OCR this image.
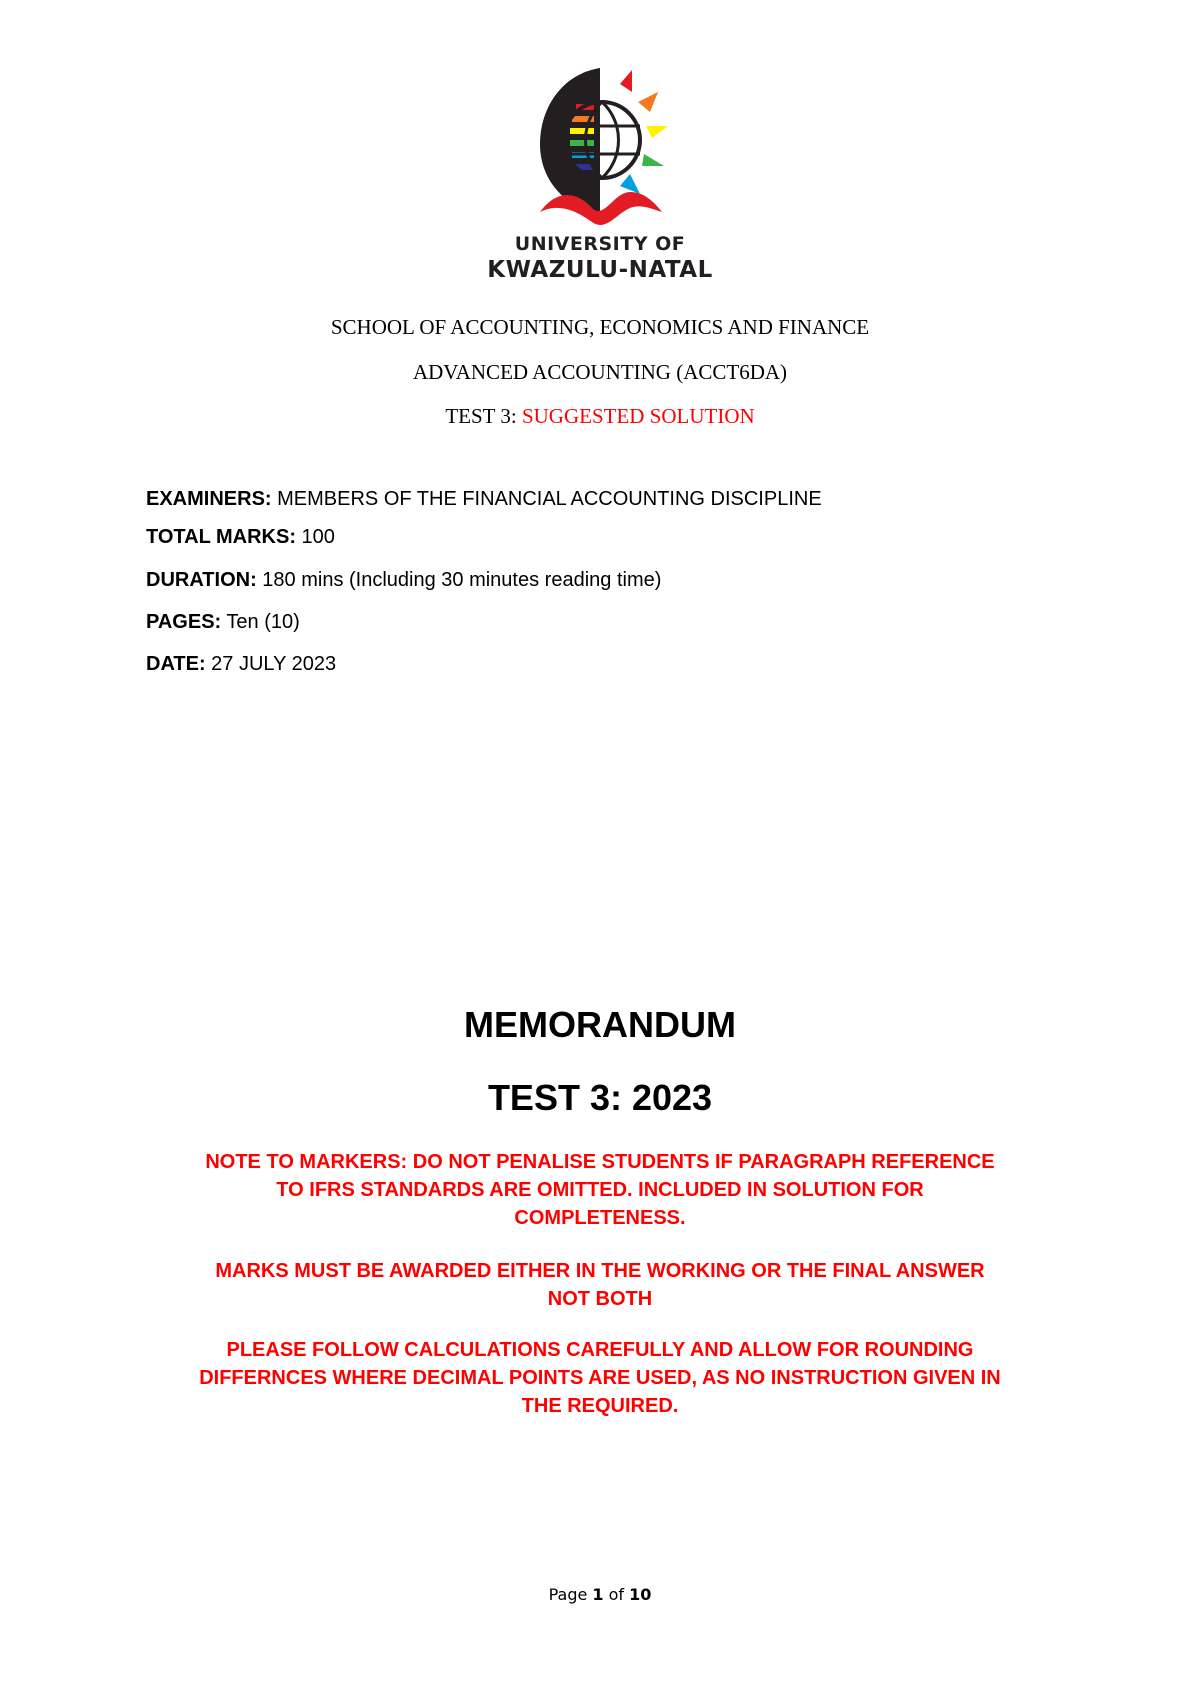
UNIVERSITY OF
KWAZULU-NATAL
SCHOOL OF ACCOUNTING, ECONOMICS AND FINANCE
ADVANCED ACCOUNTING (ACCT6DA)
TEST 3: SUGGESTED SOLUTION
EXAMINERS: MEMBERS OF THE FINANCIAL ACCOUNTING DISCIPLINE
TOTAL MARKS: 100
DURATION: 180 mins (Including 30 minutes reading time)
PAGES: Ten (10)
DATE: 27 JULY 2023
MEMORANDUM
TEST 3: 2023
NOTE TO MARKERS: DO NOT PENALISE STUDENTS IF PARAGRAPH REFERENCE
TO IFRS STANDARDS ARE OMITTED. INCLUDED IN SOLUTION FOR
COMPLETENESS.
MARKS MUST BE AWARDED EITHER IN THE WORKING OR THE FINAL ANSWER
NOT BOTH
PLEASE FOLLOW CALCULATIONS CAREFULLY AND ALLOW FOR ROUNDING
DIFFERNCES WHERE DECIMAL POINTS ARE USED, AS NO INSTRUCTION GIVEN IN
THE REQUIRED.
Page 1 of 10
